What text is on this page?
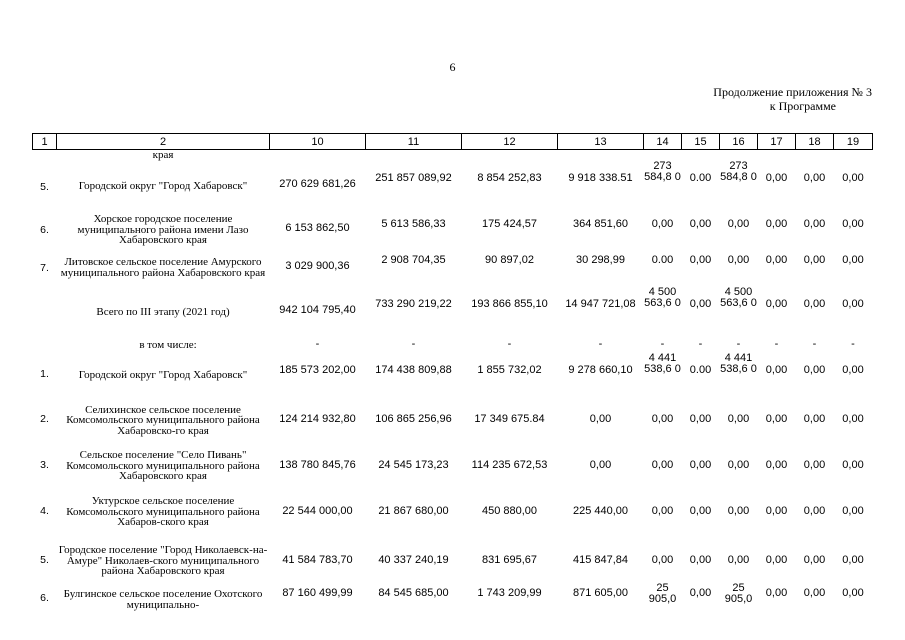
6
Продолжение приложения № 3
к Программе
1	2	10	11	12	13	14	15	16	17	18	19
	края										
5.	Городской округ "Город Хабаровск"	270 629 681,26	251 857 089,92	8 854 252,83	9 918 338.51	273 584,8 0	0.00	273 584,8 0	0,00	0,00	0,00
6.	Хорское городское поселение муниципального района имени Лазо Хабаровского края	6 153 862,50	5 613 586,33	175 424,57	364 851,60	0,00	0,00	0,00	0,00	0,00	0,00
7.	Литовское сельское поселение Амурского муниципального района Хабаровского края	3 029 900,36	2 908 704,35	90 897,02	30 298,99	0.00	0,00	0,00	0,00	0,00	0,00
	Всего по III этапу (2021 год)	942 104 795,40	733 290 219,22	193 866 855,10	14 947 721,08	4 500 563,6 0	0,00	4 500 563,6 0	0,00	0,00	0,00
	в том числе:	-	-	-	-	-	-	-	-	-	-
1.	Городской округ "Город Хабаровск"	185 573 202,00	174 438 809,88	1 855 732,02	9 278 660,10	4 441 538,6 0	0.00	4 441 538,6 0	0,00	0,00	0,00
2.	Селихинское сельское поселение Комсомольского муниципального района Хабаровско-го края	124 214 932,80	106 865 256,96	17 349 675.84	0,00	0,00	0,00	0,00	0,00	0,00	0,00
3.	Сельское поселение "Село Пивань" Комсомольского муниципального района Хабаровского края	138 780 845,76	24 545 173,23	114 235 672,53	0,00	0,00	0,00	0,00	0,00	0,00	0,00
4.	Уктурское сельское поселение Комсомольского муниципального района Хабаров-ского края	22 544 000,00	21 867 680,00	450 880,00	225 440,00	0,00	0,00	0,00	0,00	0,00	0,00
5.	Городское поселение "Город Николаевск-на-Амуре" Николаев-ского муниципального района Хабаровского края	41 584 783,70	40 337 240,19	831 695,67	415 847,84	0,00	0,00	0,00	0,00	0,00	0,00
6.	Булгинское сельское поселение Охотского муниципально-	87 160 499,99	84 545 685,00	1 743 209,99	871 605,00	25 905,0	0,00	25 905,0	0,00	0,00	0,00
